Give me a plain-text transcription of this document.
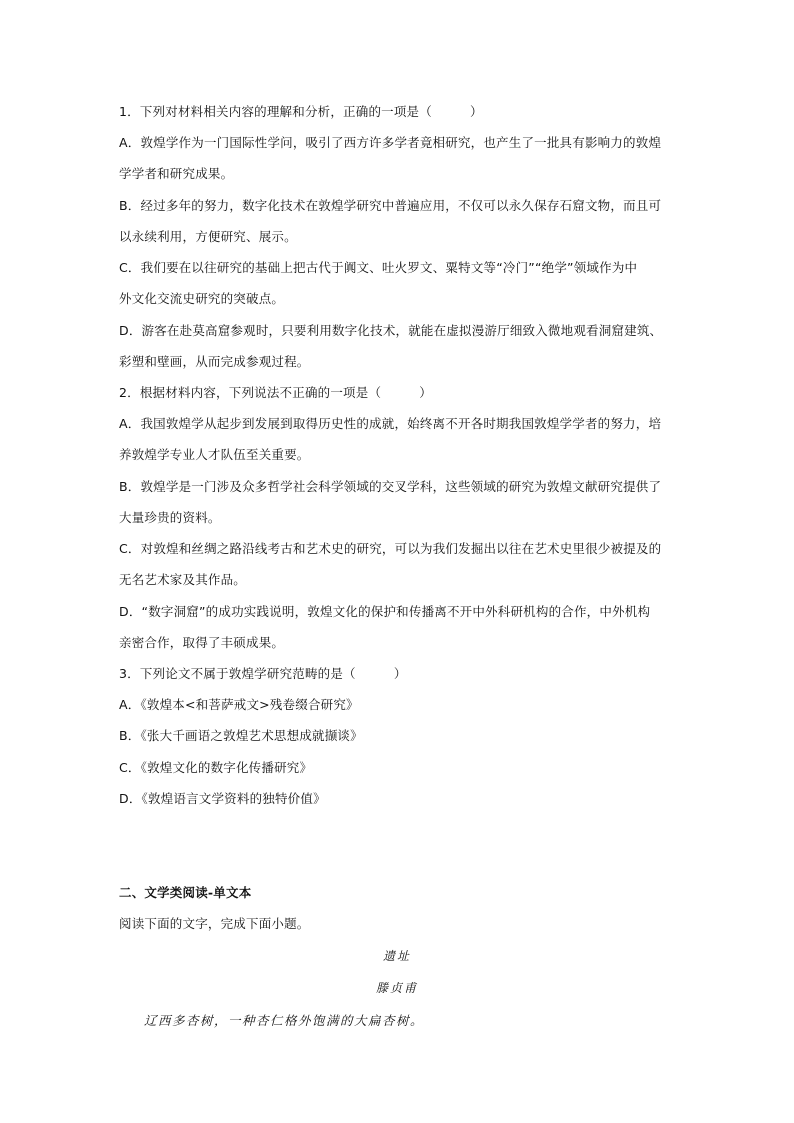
1．下列对材料相关内容的理解和分析，正确的一项是（　　　）
A．敦煌学作为一门国际性学问，吸引了西方许多学者竟相研究，也产生了一批具有影响力的敦煌
学学者和研究成果。
B．经过多年的努力，数字化技术在敦煌学研究中普遍应用，不仅可以永久保存石窟文物，而且可
以永续利用，方便研究、展示。
C．我们要在以往研究的基础上把古代于阗文、吐火罗文、粟特文等“冷门”“绝学”领域作为中
外文化交流史研究的突破点。
D．游客在赴莫高窟参观时，只要利用数字化技术，就能在虚拟漫游厅细致入微地观看洞窟建筑、
彩塑和壁画，从而完成参观过程。
2．根据材料内容，下列说法不正确的一项是（　　　）
A．我国敦煌学从起步到发展到取得历史性的成就，始终离不开各时期我国敦煌学学者的努力，培
养敦煌学专业人才队伍至关重要。
B．敦煌学是一门涉及众多哲学社会科学领域的交叉学科，这些领域的研究为敦煌文献研究提供了
大量珍贵的资料。
C．对敦煌和丝绸之路沿线考古和艺术史的研究，可以为我们发掘出以往在艺术史里很少被提及的
无名艺术家及其作品。
D．“数字洞窟”的成功实践说明，敦煌文化的保护和传播离不开中外科研机构的合作，中外机构
亲密合作，取得了丰硕成果。
3．下列论文不属于敦煌学研究范畴的是（　　　）
A．《敦煌本<和菩萨戒文>残卷缀合研究》
B．《张大千画语之敦煌艺术思想成就撷谈》
C．《敦煌文化的数字化传播研究》
D．《敦煌语言文学资料的独特价值》
二、文学类阅读-单文本
阅读下面的文字，完成下面小题。
遗址
滕贞甫
辽西多杏树，一种杏仁格外饱满的大扁杏树。
